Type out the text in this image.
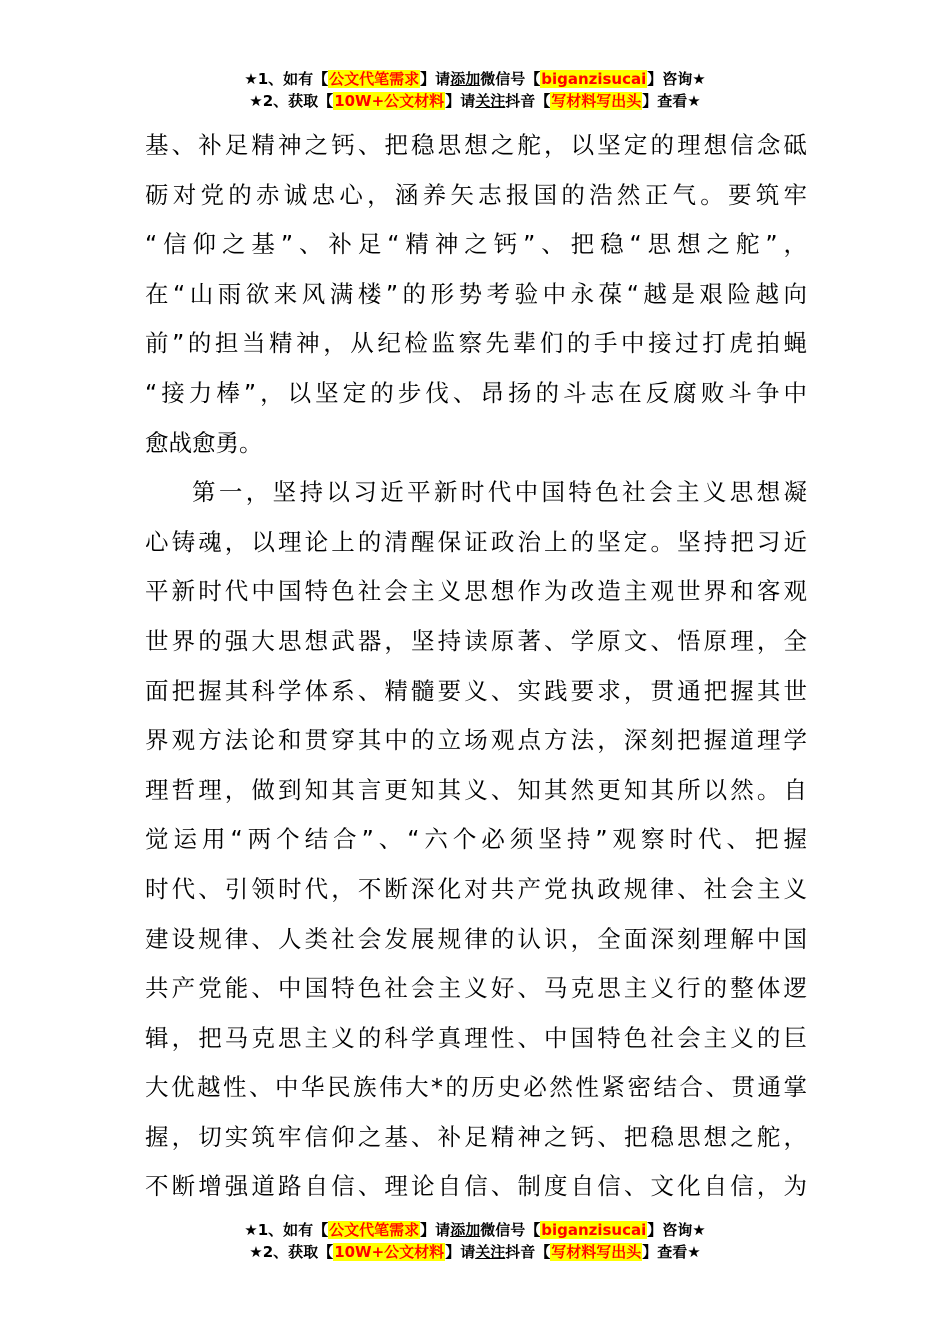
★1、如有【公文代笔需求】请添加微信号【biganzisucai】咨询★
★2、获取【10W+公文材料】请关注抖音【写材料写出头】查看★

基、补足精神之钙、把稳思想之舵，以坚定的理想信念砥
砺对党的赤诚忠心，涵养矢志报国的浩然正气。要筑牢
“信仰之基”、补足“精神之钙”、把稳“思想之舵”，
在“山雨欲来风满楼”的形势考验中永葆“越是艰险越向
前”的担当精神，从纪检监察先辈们的手中接过打虎拍蝇
“接力棒”，以坚定的步伐、昂扬的斗志在反腐败斗争中
愈战愈勇。

第一，坚持以习近平新时代中国特色社会主义思想凝
心铸魂，以理论上的清醒保证政治上的坚定。坚持把习近
平新时代中国特色社会主义思想作为改造主观世界和客观
世界的强大思想武器，坚持读原著、学原文、悟原理，全
面把握其科学体系、精髓要义、实践要求，贯通把握其世
界观方法论和贯穿其中的立场观点方法，深刻把握道理学
理哲理，做到知其言更知其义、知其然更知其所以然。自
觉运用“两个结合”、“六个必须坚持”观察时代、把握
时代、引领时代，不断深化对共产党执政规律、社会主义
建设规律、人类社会发展规律的认识，全面深刻理解中国
共产党能、中国特色社会主义好、马克思主义行的整体逻
辑，把马克思主义的科学真理性、中国特色社会主义的巨
大优越性、中华民族伟大*的历史必然性紧密结合、贯通掌
握，切实筑牢信仰之基、补足精神之钙、把稳思想之舵，
不断增强道路自信、理论自信、制度自信、文化自信，为

★1、如有【公文代笔需求】请添加微信号【biganzisucai】咨询★
★2、获取【10W+公文材料】请关注抖音【写材料写出头】查看★
